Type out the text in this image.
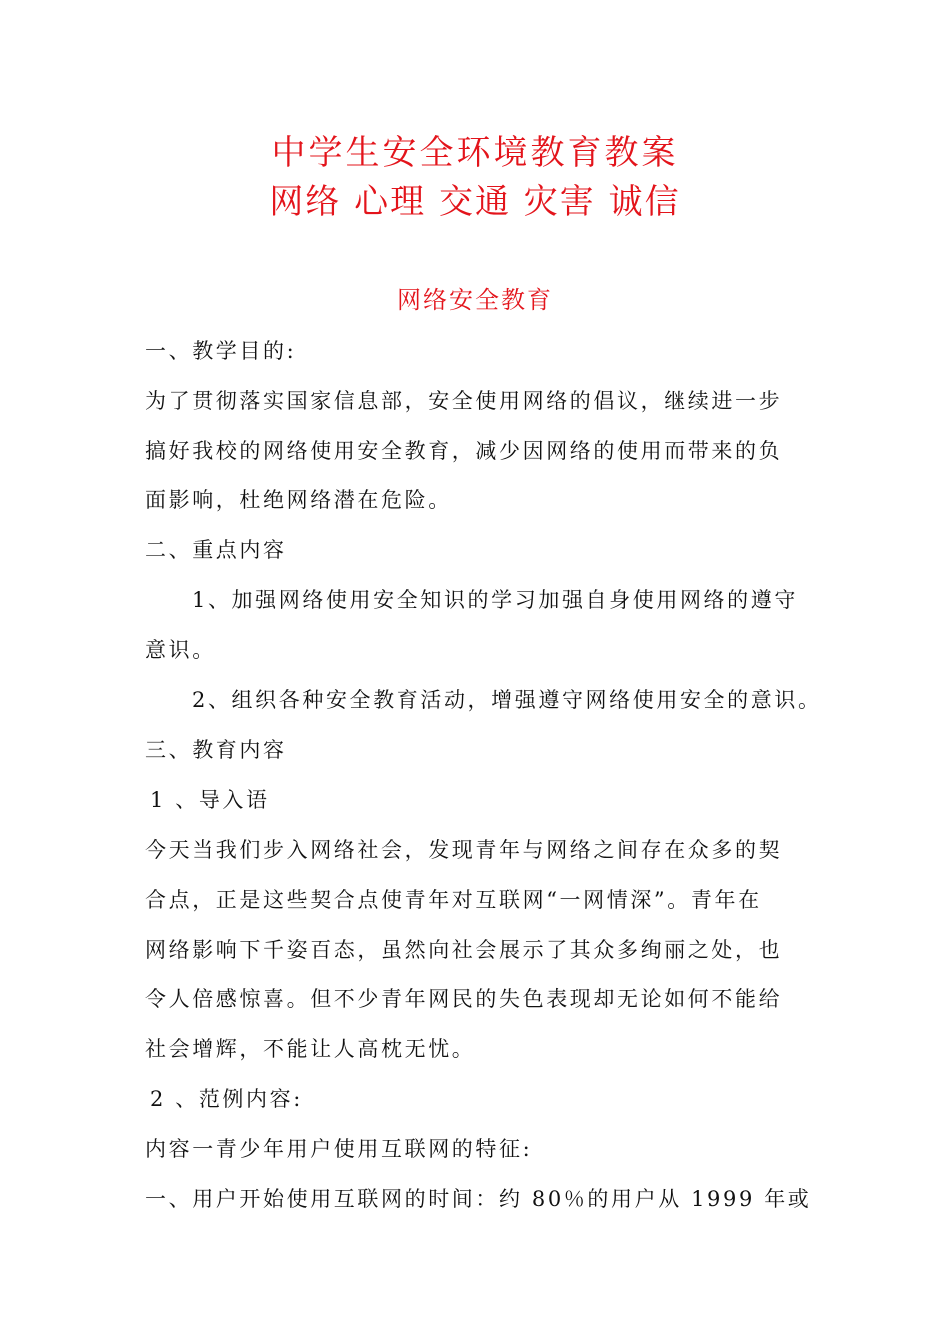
中学生安全环境教育教案
网络 心理 交通 灾害 诚信
网络安全教育
一、教学目的:
为了贯彻落实国家信息部，安全使用网络的倡议，继续进一步
搞好我校的网络使用安全教育，减少因网络的使用而带来的负
面影响，杜绝网络潜在危险。
二、重点内容
1、加强网络使用安全知识的学习加强自身使用网络的遵守
意识。
2、组织各种安全教育活动，增强遵守网络使用安全的意识。
三、教育内容
1 、导入语
今天当我们步入网络社会，发现青年与网络之间存在众多的契
合点，正是这些契合点使青年对互联网“一网情深”。青年在
网络影响下千姿百态，虽然向社会展示了其众多绚丽之处，也
令人倍感惊喜。但不少青年网民的失色表现却无论如何不能给
社会增辉，不能让人高枕无忧。
2 、范例内容:
内容一青少年用户使用互联网的特征:
一、用户开始使用互联网的时间：约 80％的用户从 1999 年或
